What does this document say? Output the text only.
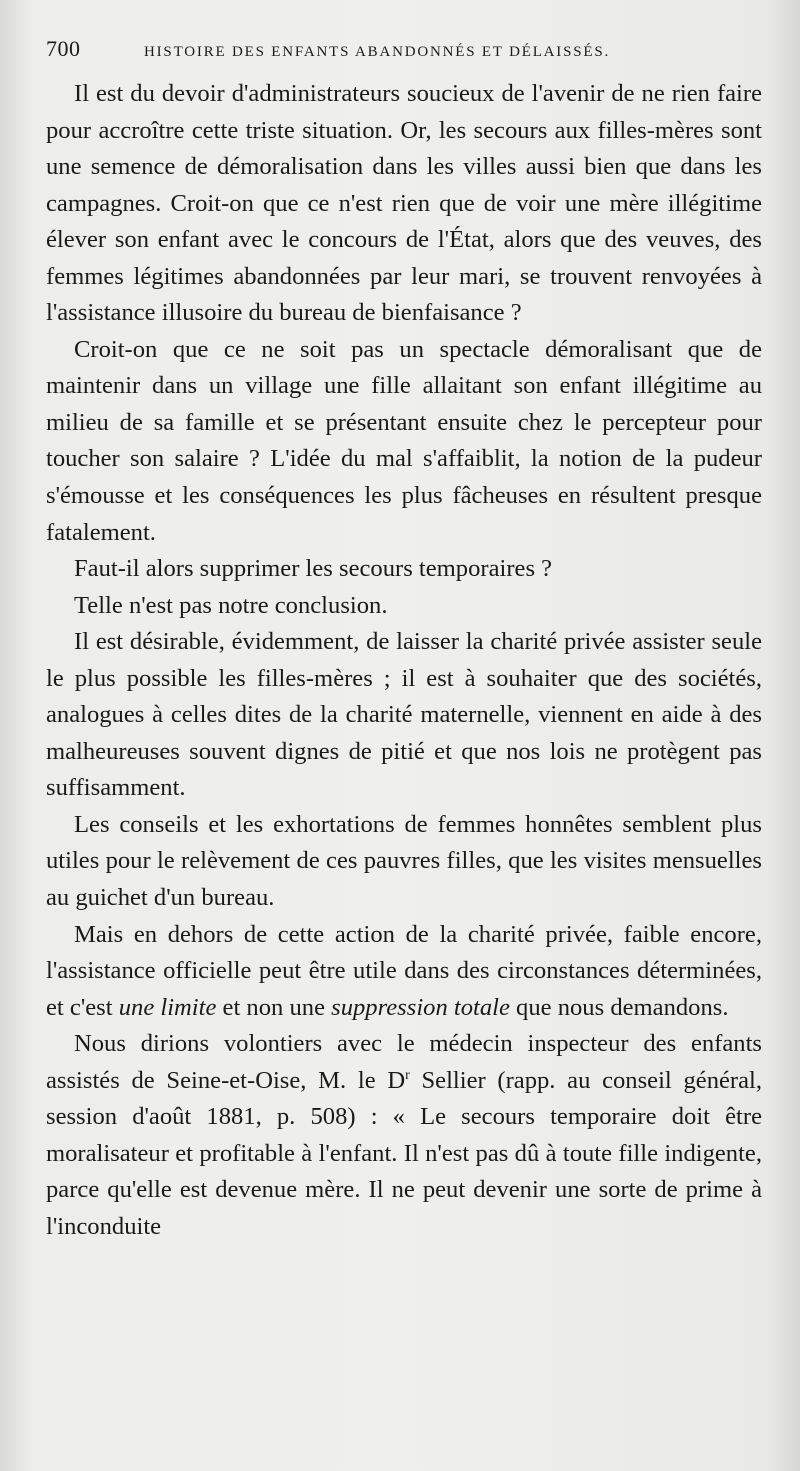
700	HISTOIRE DES ENFANTS ABANDONNÉS ET DÉLAISSÉS.

Il est du devoir d'administrateurs soucieux de l'avenir de ne rien faire pour accroître cette triste situation. Or, les secours aux filles-mères sont une semence de démoralisation dans les villes aussi bien que dans les campagnes. Croit-on que ce n'est rien que de voir une mère illégitime élever son enfant avec le concours de l'État, alors que des veuves, des femmes légitimes abandonnées par leur mari, se trouvent renvoyées à l'assistance illusoire du bureau de bienfaisance ?

Croit-on que ce ne soit pas un spectacle démoralisant que de maintenir dans un village une fille allaitant son enfant illégitime au milieu de sa famille et se présentant ensuite chez le percepteur pour toucher son salaire ? L'idée du mal s'affaiblit, la notion de la pudeur s'émousse et les conséquences les plus fâcheuses en résultent presque fatalement.

Faut-il alors supprimer les secours temporaires ?

Telle n'est pas notre conclusion.

Il est désirable, évidemment, de laisser la charité privée assister seule le plus possible les filles-mères ; il est à souhaiter que des sociétés, analogues à celles dites de la charité maternelle, viennent en aide à des malheureuses souvent dignes de pitié et que nos lois ne protègent pas suffisamment.

Les conseils et les exhortations de femmes honnêtes semblent plus utiles pour le relèvement de ces pauvres filles, que les visites mensuelles au guichet d'un bureau.

Mais en dehors de cette action de la charité privée, faible encore, l'assistance officielle peut être utile dans des circonstances déterminées, et c'est une limite et non une suppression totale que nous demandons.

Nous dirions volontiers avec le médecin inspecteur des enfants assistés de Seine-et-Oise, M. le $D^r$ Sellier (rapp. au conseil général, session d'août 1881, p. 508) : « Le secours temporaire doit être moralisateur et profitable à l'enfant. Il n'est pas dû à toute fille indigente, parce qu'elle est devenue mère. Il ne peut devenir une sorte de prime à l'inconduite
